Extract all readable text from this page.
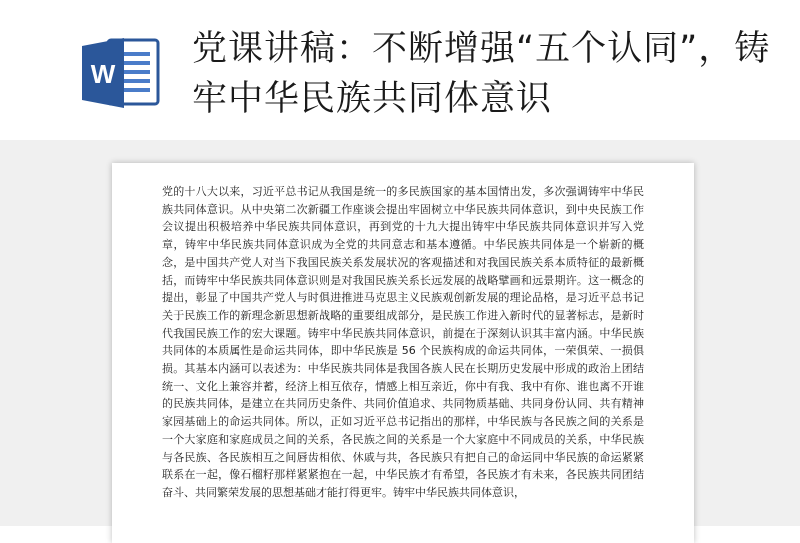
W
党课讲稿：不断增强“五个认同”，铸牢中华民族共同体意识

党的十八大以来，习近平总书记从我国是统一的多民族国家的基本国情出发，多次强调铸牢中华民族共同体意识。从中央第二次新疆工作座谈会提出牢固树立中华民族共同体意识，到中央民族工作会议提出积极培养中华民族共同体意识，再到党的十九大提出铸牢中华民族共同体意识并写入党章，铸牢中华民族共同体意识成为全党的共同意志和基本遵循。中华民族共同体是一个崭新的概念，是中国共产党人对当下我国民族关系发展状况的客观描述和对我国民族关系本质特征的最新概括，而铸牢中华民族共同体意识则是对我国民族关系长远发展的战略擘画和远景期许。这一概念的提出，彰显了中国共产党人与时俱进推进马克思主义民族观创新发展的理论品格，是习近平总书记关于民族工作的新理念新思想新战略的重要组成部分，是民族工作进入新时代的显著标志，是新时代我国民族工作的宏大课题。铸牢中华民族共同体意识，前提在于深刻认识其丰富内涵。中华民族共同体的本质属性是命运共同体，即中华民族是 56 个民族构成的命运共同体，一荣俱荣、一损俱损。其基本内涵可以表述为：中华民族共同体是我国各族人民在长期历史发展中形成的政治上团结统一、文化上兼容并蓄，经济上相互依存，情感上相互亲近，你中有我、我中有你、谁也离不开谁的民族共同体，是建立在共同历史条件、共同价值追求、共同物质基础、共同身份认同、共有精神家园基础上的命运共同体。所以，正如习近平总书记指出的那样，中华民族与各民族之间的关系是一个大家庭和家庭成员之间的关系，各民族之间的关系是一个大家庭中不同成员的关系，中华民族与各民族、各民族相互之间唇齿相依、休戚与共，各民族只有把自己的命运同中华民族的命运紧紧联系在一起，像石榴籽那样紧紧抱在一起，中华民族才有希望，各民族才有未来，各民族共同团结奋斗、共同繁荣发展的思想基础才能打得更牢。铸牢中华民族共同体意识，
